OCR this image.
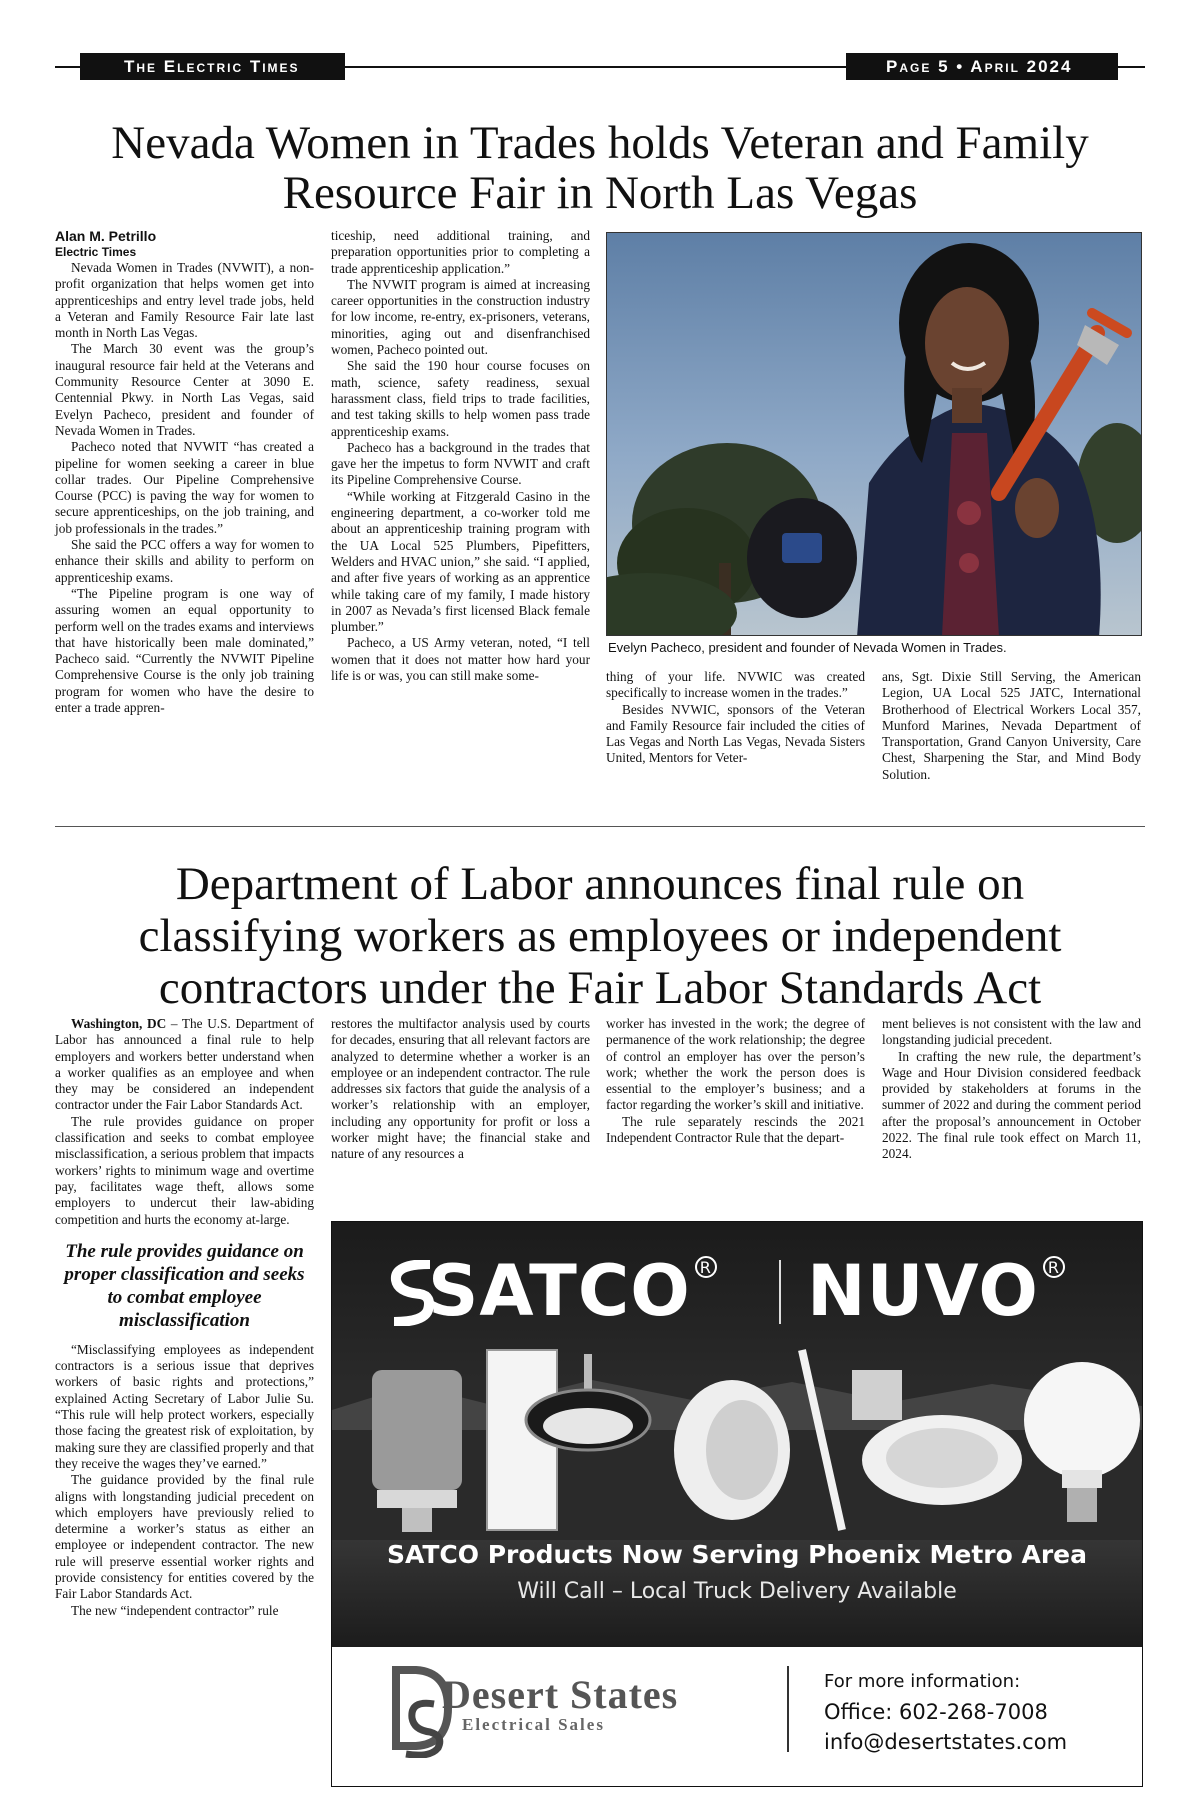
The Electric Times	Page 5 • April 2024
Nevada Women in Trades holds Veteran and Family Resource Fair in North Las Vegas
Alan M. Petrillo
Electric Times

Nevada Women in Trades (NVWIT), a non-profit organization that helps women get into apprenticeships and entry level trade jobs, held a Veteran and Family Resource Fair late last month in North Las Vegas.

The March 30 event was the group’s inaugural resource fair held at the Veterans and Community Resource Center at 3090 E. Centennial Pkwy. in North Las Vegas, said Evelyn Pacheco, president and founder of Nevada Women in Trades.

Pacheco noted that NVWIT “has created a pipeline for women seeking a career in blue collar trades. Our Pipeline Comprehensive Course (PCC) is paving the way for women to secure apprenticeships, on the job training, and job professionals in the trades.”

She said the PCC offers a way for women to enhance their skills and ability to perform on apprenticeship exams.

“The Pipeline program is one way of assuring women an equal opportunity to perform well on the trades exams and interviews that have historically been male dominated,” Pacheco said. “Currently the NVWIT Pipeline Comprehensive Course is the only job training program for women who have the desire to enter a trade appren-

ticeship, need additional training, and preparation opportunities prior to completing a trade apprenticeship application.”

The NVWIT program is aimed at increasing career opportunities in the construction industry for low income, re-entry, ex-prisoners, veterans, minorities, aging out and disenfranchised women, Pacheco pointed out.

She said the 190 hour course focuses on math, science, safety readiness, sexual harassment class, field trips to trade facilities, and test taking skills to help women pass trade apprenticeship exams.

Pacheco has a background in the trades that gave her the impetus to form NVWIT and craft its Pipeline Comprehensive Course.

“While working at Fitzgerald Casino in the engineering department, a co-worker told me about an apprenticeship training program with the UA Local 525 Plumbers, Pipefitters, Welders and HVAC union,” she said. “I applied, and after five years of working as an apprentice while taking care of my family, I made history in 2007 as Nevada’s first licensed Black female plumber.”

Pacheco, a US Army veteran, noted, “I tell women that it does not matter how hard your life is or was, you can still make some-	thing of your life. NVWIC was created specifically to increase women in the trades.”

Besides NVWIC, sponsors of the Veteran and Family Resource fair included the cities of Las Vegas and North Las Vegas, Nevada Sisters United, Mentors for Veter-

ans, Sgt. Dixie Still Serving, the American Legion, UA Local 525 JATC, International Brotherhood of Electrical Workers Local 357, Munford Marines, Nevada Department of Transportation, Grand Canyon University, Care Chest, Sharpening the Star, and Mind Body Solution.

Evelyn Pacheco, president and founder of Nevada Women in Trades.
Department of Labor announces final rule on classifying workers as employees or independent contractors under the Fair Labor Standards Act

Washington, DC – The U.S. Department of Labor has announced a final rule to help employers and workers better understand when a worker qualifies as an employee and when they may be considered an independent contractor under the Fair Labor Standards Act.

The rule provides guidance on proper classification and seeks to combat employee misclassification, a serious problem that impacts workers’ rights to minimum wage and overtime pay, facilitates wage theft, allows some employers to undercut their law-abiding competition and hurts the economy at-large.

The rule provides guidance on proper classification and seeks to combat employee misclassification

“Misclassifying employees as independent contractors is a serious issue that deprives workers of basic rights and protections,” explained Acting Secretary of Labor Julie Su. “This rule will help protect workers, especially those facing the greatest risk of exploitation, by making sure they are classified properly and that they receive the wages they’ve earned.”

The guidance provided by the final rule aligns with longstanding judicial precedent on which employers have previously relied to determine a worker’s status as either an employee or independent contractor. The new rule will preserve essential worker rights and provide consistency for entities covered by the Fair Labor Standards Act.

The new “independent contractor” rule

restores the multifactor analysis used by courts for decades, ensuring that all relevant factors are analyzed to determine whether a worker is an employee or an independent contractor. The rule addresses six factors that guide the analysis of a worker’s relationship with an employer, including any opportunity for profit or loss a worker might have; the financial stake and nature of any resources a

worker has invested in the work; the degree of permanence of the work relationship; the degree of control an employer has over the person’s work; whether the work the person does is essential to the employer’s business; and a factor regarding the worker’s skill and initiative.

The rule separately rescinds the 2021 Independent Contractor Rule that the depart-

ment believes is not consistent with the law and longstanding judicial precedent.

In crafting the new rule, the department’s Wage and Hour Division considered feedback provided by stakeholders at forums in the summer of 2022 and during the comment period after the proposal’s announcement in October 2022. The final rule took effect on March 11, 2024.

SATCO R NUVO R
SATCO Products Now Serving Phoenix Metro Area
Will Call – Local Truck Delivery Available
Desert States
Electrical Sales
For more information:
Office: 602-268-7008
info@desertstates.com
